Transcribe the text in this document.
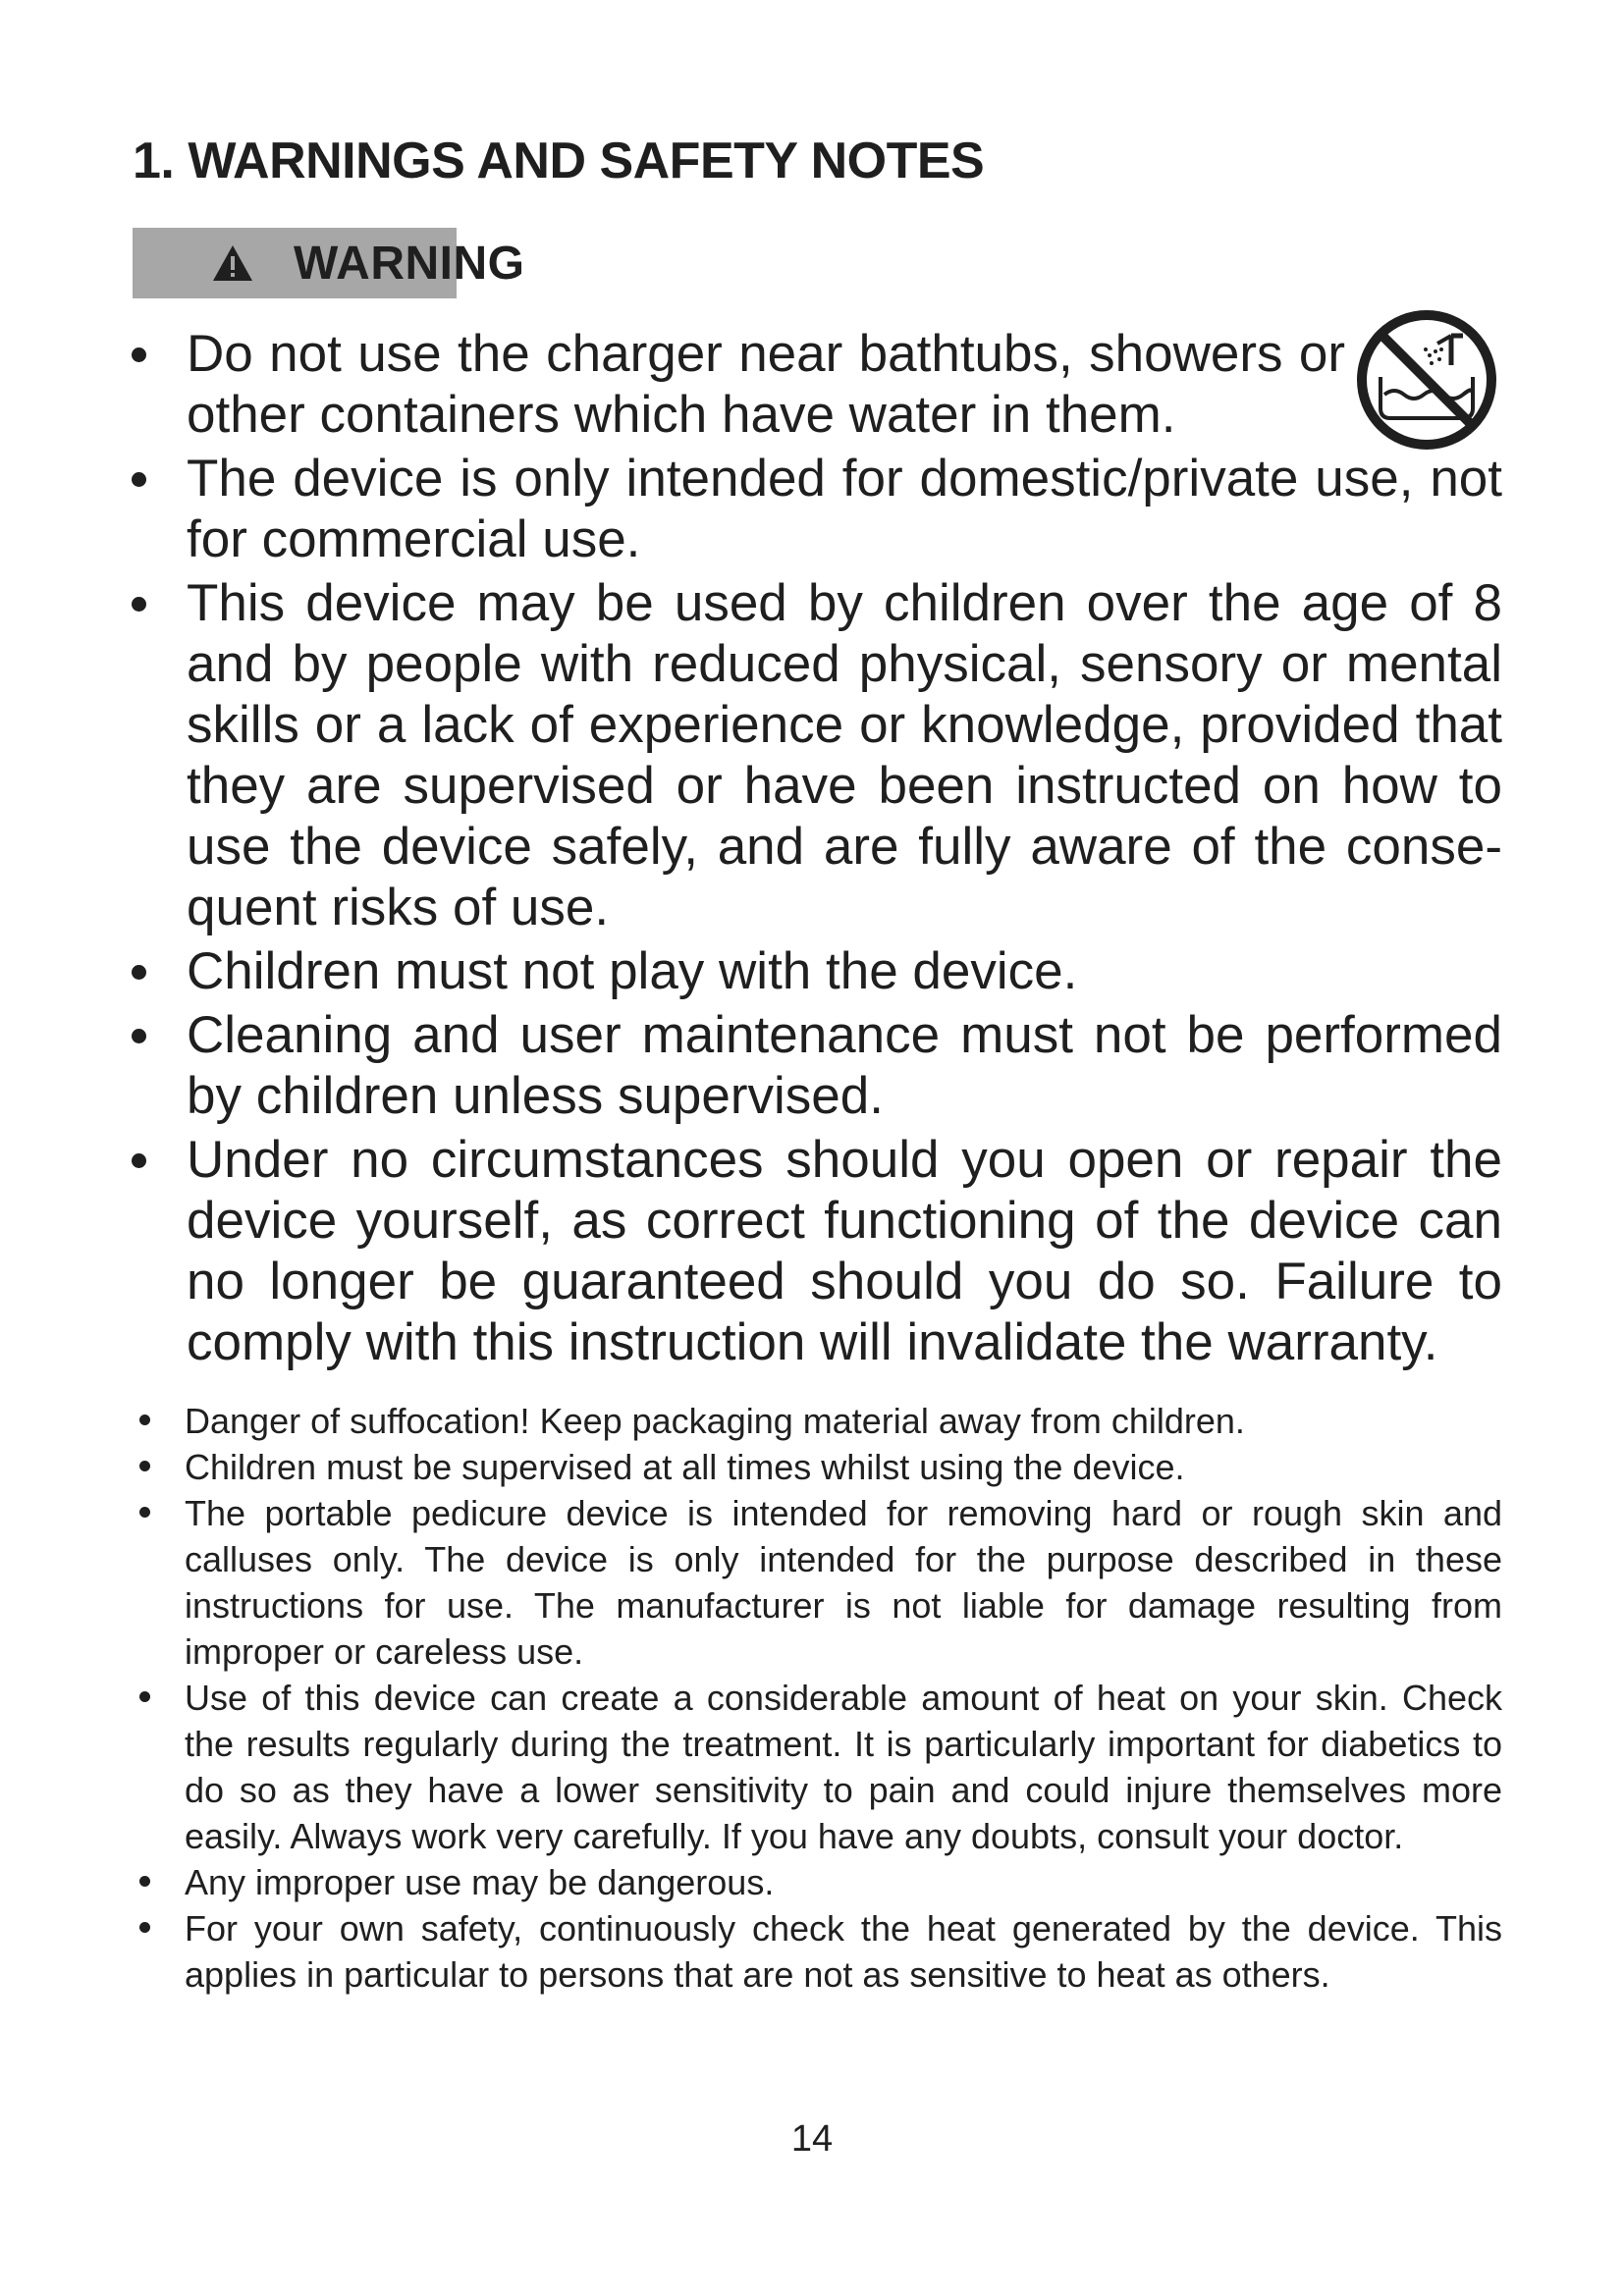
1. WARNINGS AND SAFETY NOTES
WARNING
Do not use the charger near bathtubs, showers or other containers which have water in them.
The device is only intended for domestic/private use, not for commercial use.
This device may be used by children over the age of 8 and by people with reduced physical, sensory or mental skills or a lack of experience or knowledge, provided that they are supervised or have been instructed on how to use the device safely, and are fully aware of the consequent risks of use.
Children must not play with the device.
Cleaning and user maintenance must not be performed by children unless supervised.
Under no circumstances should you open or repair the device yourself, as correct functioning of the device can no longer be guaranteed should you do so. Failure to comply with this instruction will invalidate the warranty.
Danger of suffocation! Keep packaging material away from children.
Children must be supervised at all times whilst using the device.
The portable pedicure device is intended for removing hard or rough skin and calluses only. The device is only intended for the purpose described in these instructions for use. The manufacturer is not liable for damage resulting from improper or careless use.
Use of this device can create a considerable amount of heat on your skin. Check the results regularly during the treatment. It is particularly important for diabetics to do so as they have a lower sensitivity to pain and could injure themselves more easily. Always work very carefully. If you have any doubts, consult your doctor.
Any improper use may be dangerous.
For your own safety, continuously check the heat generated by the device. This applies in particular to persons that are not as sensitive to heat as others.
14
